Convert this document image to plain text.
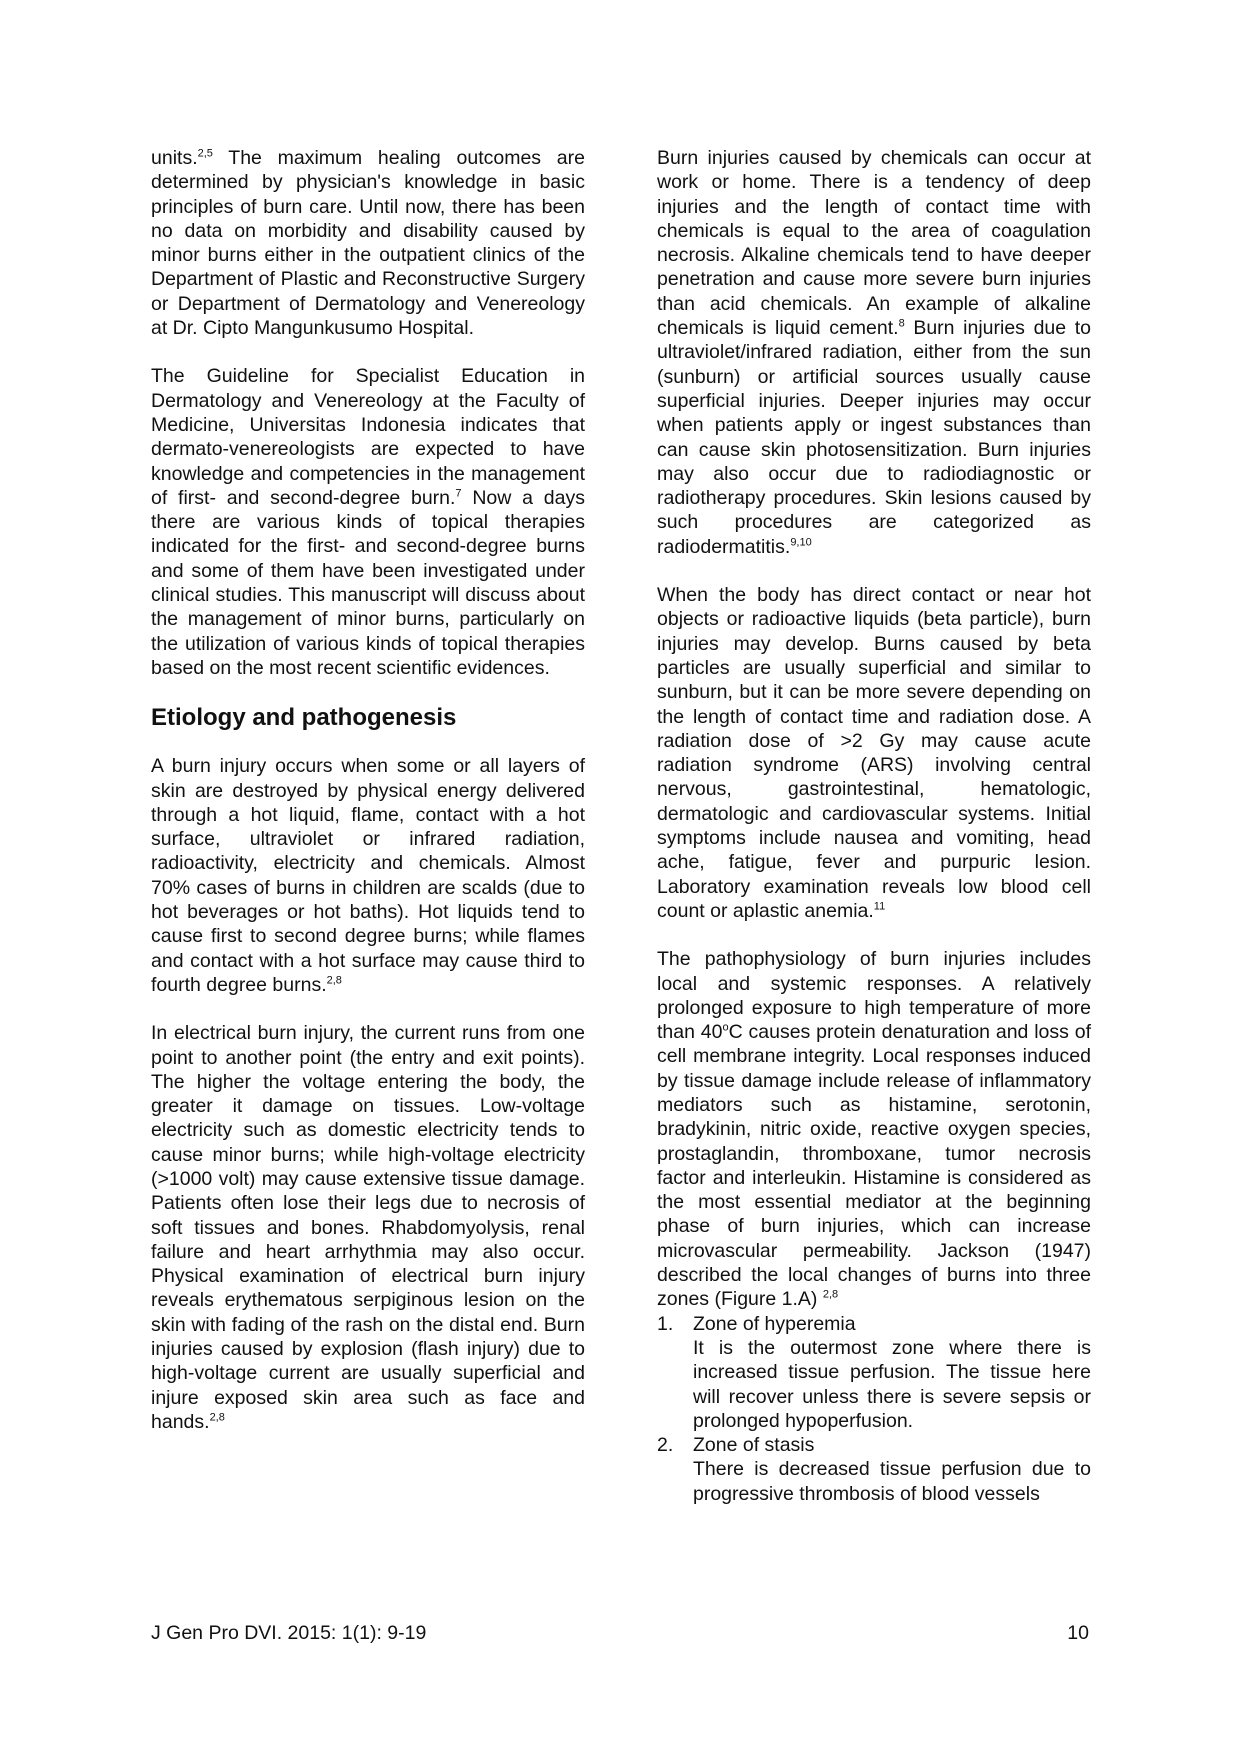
units.$^{2,5}$ The maximum healing outcomes are determined by physician's knowledge in basic principles of burn care. Until now, there has been no data on morbidity and disability caused by minor burns either in the outpatient clinics of the Department of Plastic and Reconstructive Surgery or Department of Dermatology and Venereology at Dr. Cipto Mangunkusumo Hospital.

The Guideline for Specialist Education in Dermatology and Venereology at the Faculty of Medicine, Universitas Indonesia indicates that dermato-venereologists are expected to have knowledge and competencies in the management of first- and second-degree burn.$^7$ Now a days there are various kinds of topical therapies indicated for the first- and second-degree burns and some of them have been investigated under clinical studies. This manuscript will discuss about the management of minor burns, particularly on the utilization of various kinds of topical therapies based on the most recent scientific evidences.

Etiology and pathogenesis

A burn injury occurs when some or all layers of skin are destroyed by physical energy delivered through a hot liquid, flame, contact with a hot surface, ultraviolet or infrared radiation, radioactivity, electricity and chemicals. Almost 70% cases of burns in children are scalds (due to hot beverages or hot baths). Hot liquids tend to cause first to second degree burns; while flames and contact with a hot surface may cause third to fourth degree burns.$^{2,8}$

In electrical burn injury, the current runs from one point to another point (the entry and exit points). The higher the voltage entering the body, the greater it damage on tissues. Low-voltage electricity such as domestic electricity tends to cause minor burns; while high-voltage electricity (>1000 volt) may cause extensive tissue damage. Patients often lose their legs due to necrosis of soft tissues and bones. Rhabdomyolysis, renal failure and heart arrhythmia may also occur. Physical examination of electrical burn injury reveals erythematous serpiginous lesion on the skin with fading of the rash on the distal end. Burn injuries caused by explosion (flash injury) due to high-voltage current are usually superficial and injure exposed skin area such as face and hands.$^{2,8}$

Burn injuries caused by chemicals can occur at work or home. There is a tendency of deep injuries and the length of contact time with chemicals is equal to the area of coagulation necrosis. Alkaline chemicals tend to have deeper penetration and cause more severe burn injuries than acid chemicals. An example of alkaline chemicals is liquid cement.$^8$ Burn injuries due to ultraviolet/infrared radiation, either from the sun (sunburn) or artificial sources usually cause superficial injuries. Deeper injuries may occur when patients apply or ingest substances than can cause skin photosensitization. Burn injuries may also occur due to radiodiagnostic or radiotherapy procedures. Skin lesions caused by such procedures are categorized as radiodermatitis.$^{9,10}$

When the body has direct contact or near hot objects or radioactive liquids (beta particle), burn injuries may develop. Burns caused by beta particles are usually superficial and similar to sunburn, but it can be more severe depending on the length of contact time and radiation dose. A radiation dose of >2 Gy may cause acute radiation syndrome (ARS) involving central nervous, gastrointestinal, hematologic, dermatologic and cardiovascular systems. Initial symptoms include nausea and vomiting, head ache, fatigue, fever and purpuric lesion. Laboratory examination reveals low blood cell count or aplastic anemia.$^{11}$

The pathophysiology of burn injuries includes local and systemic responses. A relatively prolonged exposure to high temperature of more than 40$^o$C causes protein denaturation and loss of cell membrane integrity. Local responses induced by tissue damage include release of inflammatory mediators such as histamine, serotonin, bradykinin, nitric oxide, reactive oxygen species, prostaglandin, thromboxane, tumor necrosis factor and interleukin. Histamine is considered as the most essential mediator at the beginning phase of burn injuries, which can increase microvascular permeability. Jackson (1947) described the local changes of burns into three zones (Figure 1.A) $^{2,8}$

1. Zone of hyperemia
It is the outermost zone where there is increased tissue perfusion. The tissue here will recover unless there is severe sepsis or prolonged hypoperfusion.
2. Zone of stasis
There is decreased tissue perfusion due to progressive thrombosis of blood vessels
J Gen Pro DVI. 2015: 1(1): 9-19	10
